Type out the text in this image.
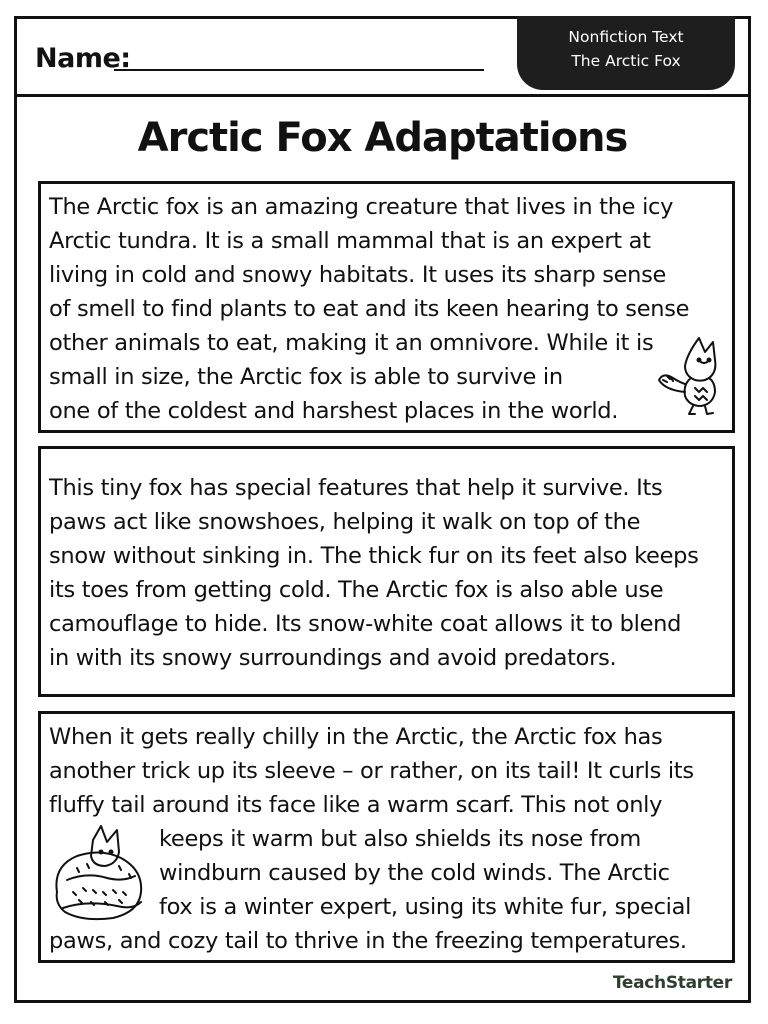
Name:
Nonfiction Text
The Arctic Fox
Arctic Fox Adaptations
The Arctic fox is an amazing creature that lives in the icy
Arctic tundra. It is a small mammal that is an expert at
living in cold and snowy habitats. It uses its sharp sense
of smell to find plants to eat and its keen hearing to sense
other animals to eat, making it an omnivore. While it is
small in size, the Arctic fox is able to survive in
one of the coldest and harshest places in the world.
This tiny fox has special features that help it survive. Its
paws act like snowshoes, helping it walk on top of the
snow without sinking in. The thick fur on its feet also keeps
its toes from getting cold. The Arctic fox is also able use
camouflage to hide. Its snow-white coat allows it to blend
in with its snowy surroundings and avoid predators.
When it gets really chilly in the Arctic, the Arctic fox has
another trick up its sleeve – or rather, on its tail! It curls its
fluffy tail around its face like a warm scarf. This not only
keeps it warm but also shields its nose from
windburn caused by the cold winds. The Arctic
fox is a winter expert, using its white fur, special
paws, and cozy tail to thrive in the freezing temperatures.
TeachStarter
